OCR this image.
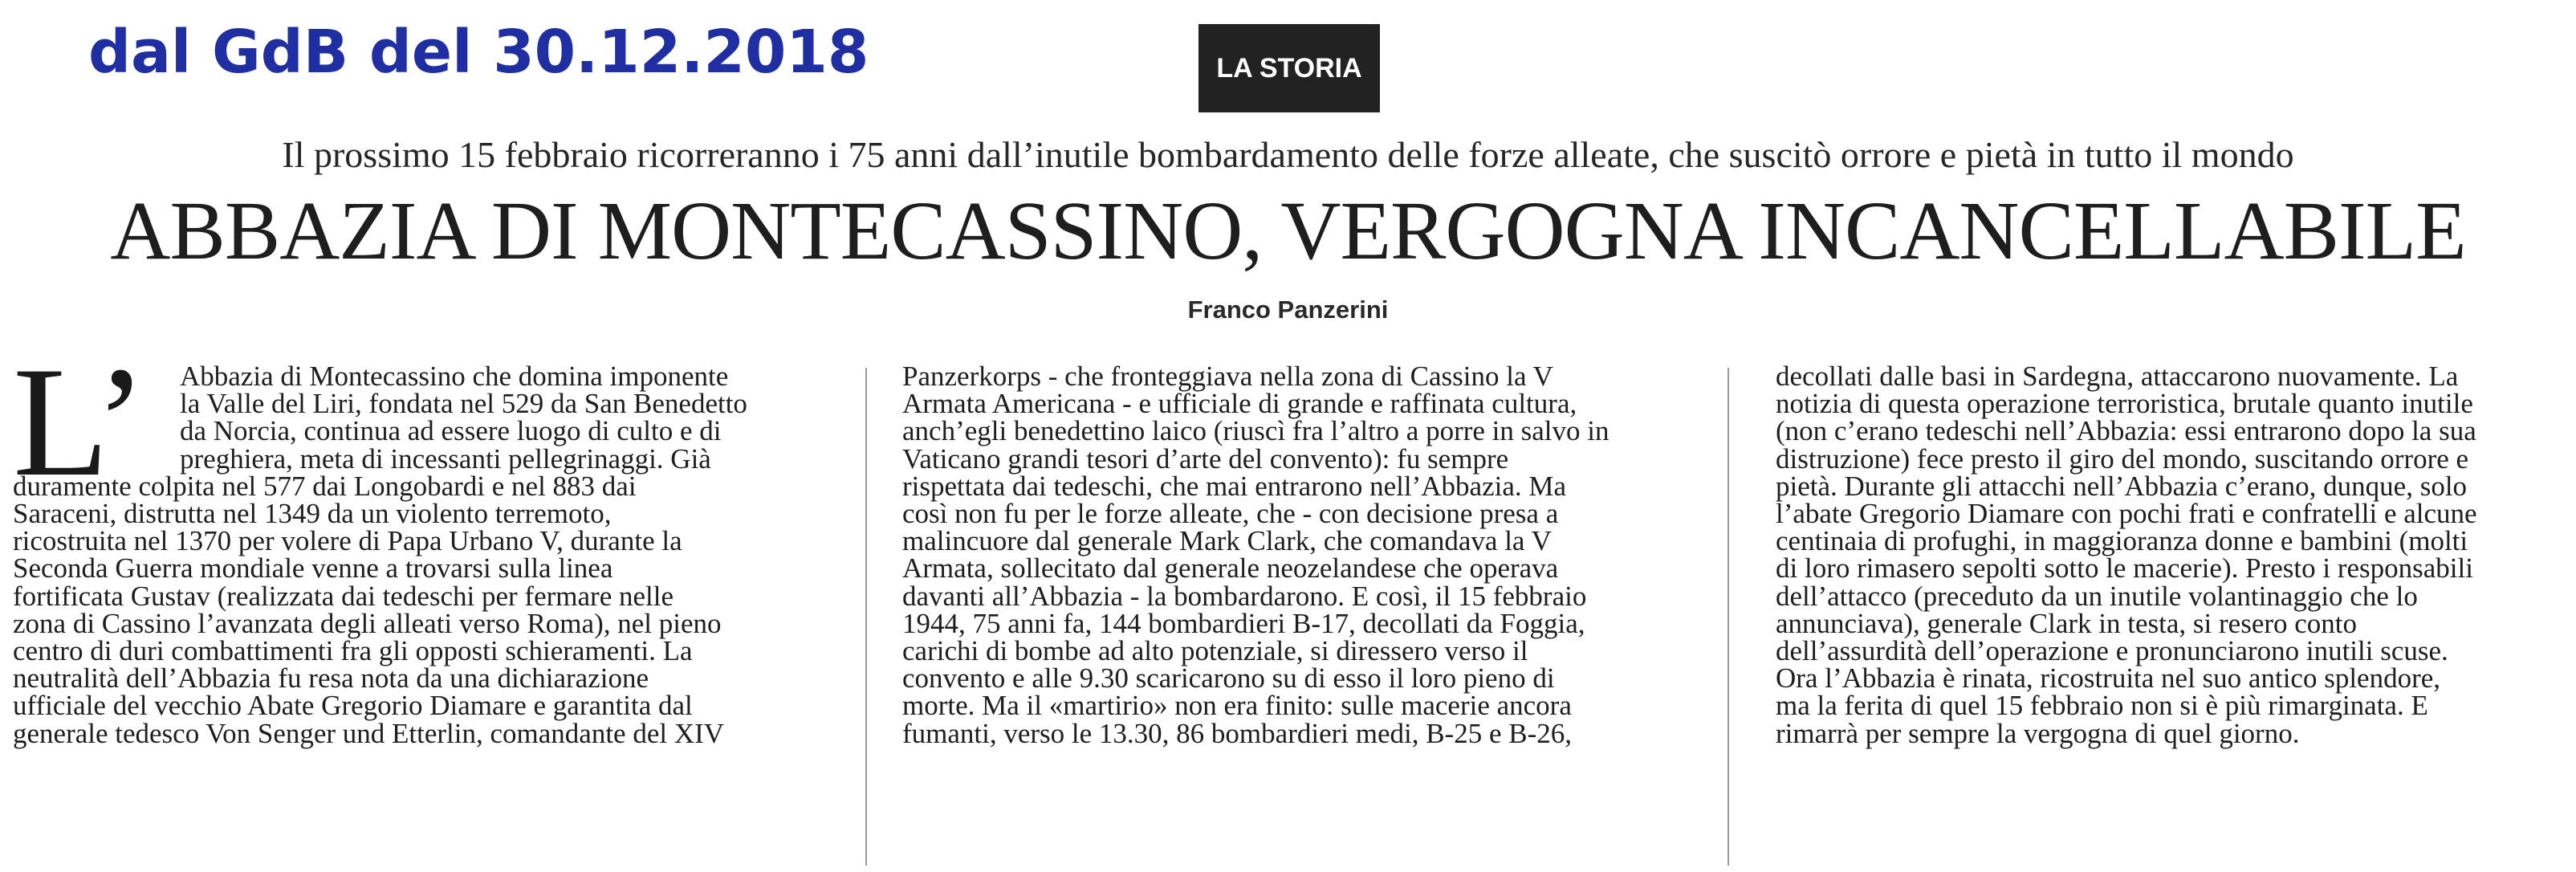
dal GdB del 30.12.2018	LA STORIA
Il prossimo 15 febbraio ricorreranno i 75 anni dall’inutile bombardamento delle forze alleate, che suscitò orrore e pietà in tutto il mondo
ABBAZIA DI MONTECASSINO, VERGOGNA INCANCELLABILE
Franco Panzerini
L’	Abbazia di Montecassino che domina imponente
la Valle del Liri, fondata nel 529 da San Benedetto
da Norcia, continua ad essere luogo di culto e di
preghiera, meta di incessanti pellegrinaggi. Già
duramente colpita nel 577 dai Longobardi e nel 883 dai
Saraceni, distrutta nel 1349 da un violento terremoto,
ricostruita nel 1370 per volere di Papa Urbano V, durante la
Seconda Guerra mondiale venne a trovarsi sulla linea
fortificata Gustav (realizzata dai tedeschi per fermare nelle
zona di Cassino l’avanzata degli alleati verso Roma), nel pieno
centro di duri combattimenti fra gli opposti schieramenti. La
neutralità dell’Abbazia fu resa nota da una dichiarazione
ufficiale del vecchio Abate Gregorio Diamare e garantita dal
generale tedesco Von Senger und Etterlin, comandante del XIV
Panzerkorps - che fronteggiava nella zona di Cassino la V
Armata Americana - e ufficiale di grande e raffinata cultura,
anch’egli benedettino laico (riuscì fra l’altro a porre in salvo in
Vaticano grandi tesori d’arte del convento): fu sempre
rispettata dai tedeschi, che mai entrarono nell’Abbazia. Ma
così non fu per le forze alleate, che - con decisione presa a
malincuore dal generale Mark Clark, che comandava la V
Armata, sollecitato dal generale neozelandese che operava
davanti all’Abbazia - la bombardarono. E così, il 15 febbraio
1944, 75 anni fa, 144 bombardieri B-17, decollati da Foggia,
carichi di bombe ad alto potenziale, si diressero verso il
convento e alle 9.30 scaricarono su di esso il loro pieno di
morte. Ma il «martirio» non era finito: sulle macerie ancora
fumanti, verso le 13.30, 86 bombardieri medi, B-25 e B-26,
decollati dalle basi in Sardegna, attaccarono nuovamente. La
notizia di questa operazione terroristica, brutale quanto inutile
(non c’erano tedeschi nell’Abbazia: essi entrarono dopo la sua
distruzione) fece presto il giro del mondo, suscitando orrore e
pietà. Durante gli attacchi nell’Abbazia c’erano, dunque, solo
l’abate Gregorio Diamare con pochi frati e confratelli e alcune
centinaia di profughi, in maggioranza donne e bambini (molti
di loro rimasero sepolti sotto le macerie). Presto i responsabili
dell’attacco (preceduto da un inutile volantinaggio che lo
annunciava), generale Clark in testa, si resero conto
dell’assurdità dell’operazione e pronunciarono inutili scuse.
Ora l’Abbazia è rinata, ricostruita nel suo antico splendore,
ma la ferita di quel 15 febbraio non si è più rimarginata. E
rimarrà per sempre la vergogna di quel giorno.
